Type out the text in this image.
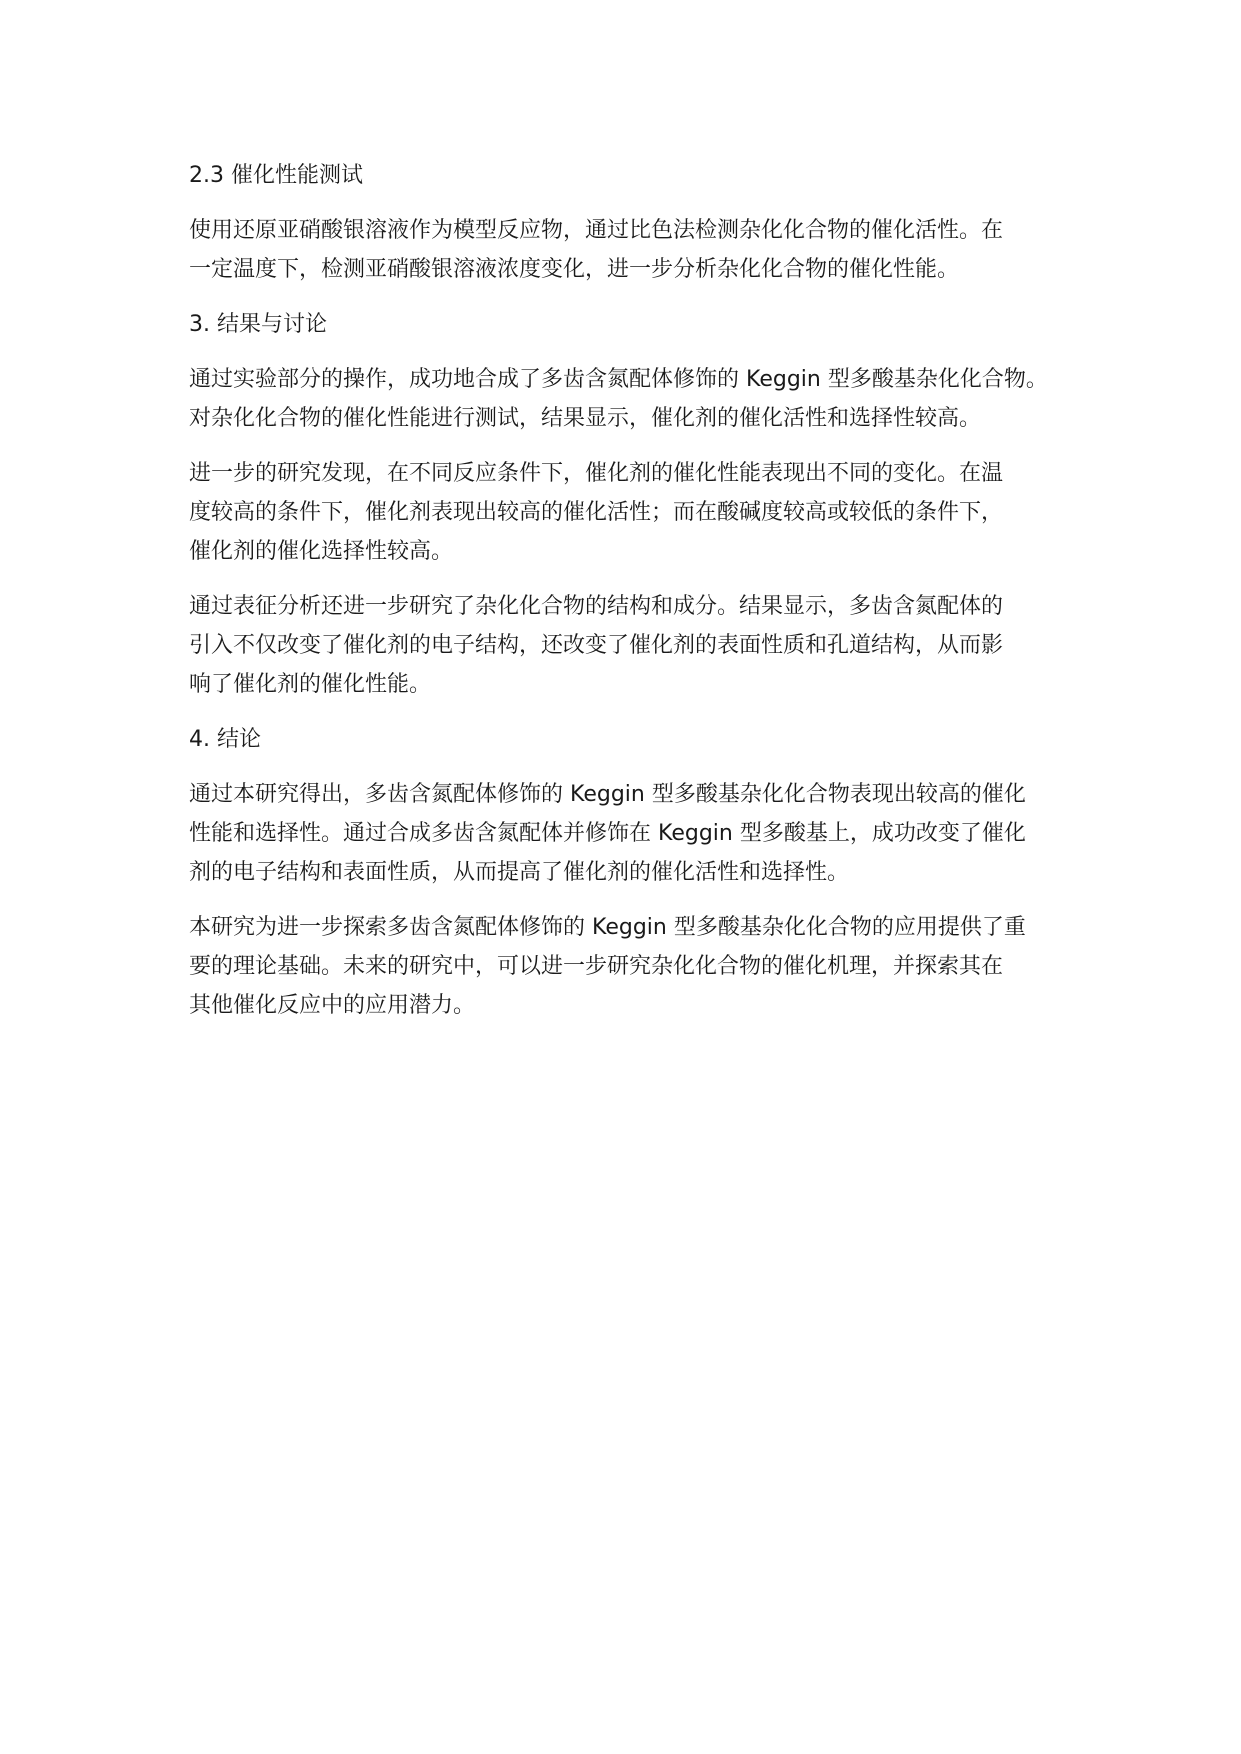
2.3 催化性能测试
使用还原亚硝酸银溶液作为模型反应物，通过比色法检测杂化化合物的催化活性。在
一定温度下，检测亚硝酸银溶液浓度变化，进一步分析杂化化合物的催化性能。
3. 结果与讨论
通过实验部分的操作，成功地合成了多齿含氮配体修饰的 Keggin 型多酸基杂化化合物。
对杂化化合物的催化性能进行测试，结果显示，催化剂的催化活性和选择性较高。
进一步的研究发现，在不同反应条件下，催化剂的催化性能表现出不同的变化。在温
度较高的条件下，催化剂表现出较高的催化活性；而在酸碱度较高或较低的条件下，
催化剂的催化选择性较高。
通过表征分析还进一步研究了杂化化合物的结构和成分。结果显示，多齿含氮配体的
引入不仅改变了催化剂的电子结构，还改变了催化剂的表面性质和孔道结构，从而影
响了催化剂的催化性能。
4. 结论
通过本研究得出，多齿含氮配体修饰的 Keggin 型多酸基杂化化合物表现出较高的催化
性能和选择性。通过合成多齿含氮配体并修饰在 Keggin 型多酸基上，成功改变了催化
剂的电子结构和表面性质，从而提高了催化剂的催化活性和选择性。
本研究为进一步探索多齿含氮配体修饰的 Keggin 型多酸基杂化化合物的应用提供了重
要的理论基础。未来的研究中，可以进一步研究杂化化合物的催化机理，并探索其在
其他催化反应中的应用潜力。
